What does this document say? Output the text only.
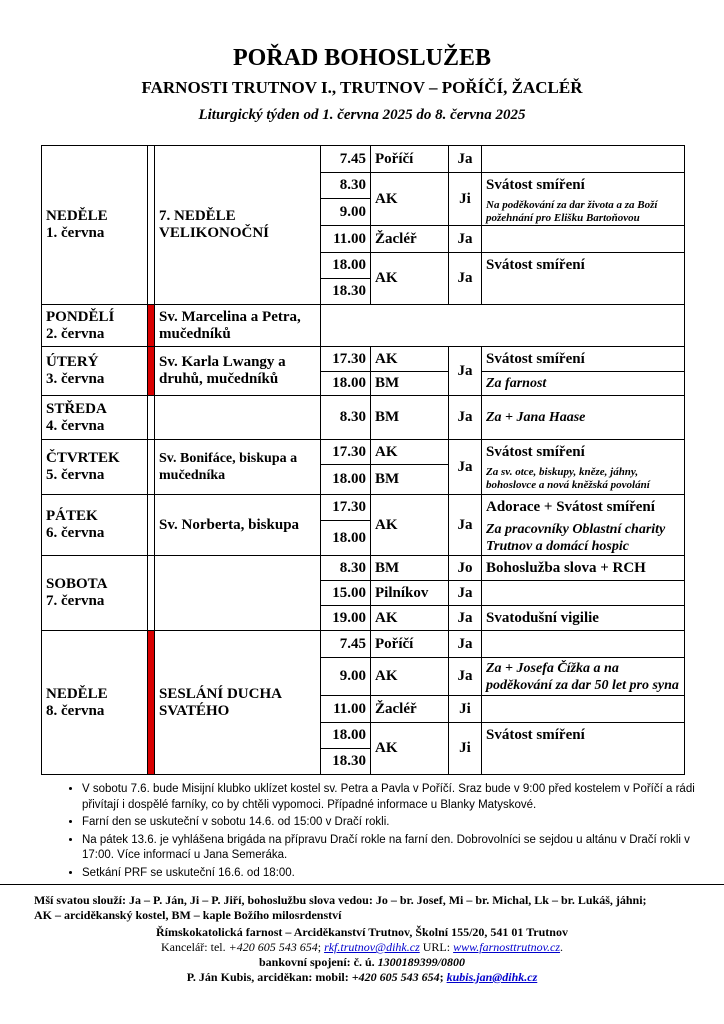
POŘAD BOHOSLUŽEB
FARNOSTI TRUTNOV I., TRUTNOV – POŘÍČÍ, ŽACLÉŘ
Liturgický týden od 1. června 2025 do 8. června 2025
NEDĚLE
1. června		7. NEDĚLE VELIKONOČNÍ	7.45	Poříčí	Ja	
			8.30	AK	Ji	Svátost smíření
			9.00			Na poděkování za dar života a za Boží požehnání pro Elišku Bartoňovou

			11.00	Žacléř	Ja	
			18.00	AK	Ja	Svátost smíření
			18.30			

PONDĚLÍ
2. června		Sv. Marcelina a Petra, mučedníků				

ÚTERÝ
3. června		Sv. Karla Lwangy a druhů, mučedníků	17.30	AK	Ja	Svátost smíření
			18.00	BM		Za farnost

STŘEDA
4. června			8.30	BM	Ja	Za + Jana Haase

ČTVRTEK
5. června		Sv. Bonifáce, biskupa a mučedníka	17.30	AK	Ja	Svátost smíření
			18.00	BM		Za sv. otce, biskupy, kněze, jáhny, bohoslovce a nová kněžská povolání

PÁTEK
6. června		Sv. Norberta, biskupa	17.30	AK	Ja	Adorace + Svátost smíření
			18.00			Za pracovníky Oblastní charity Trutnov a domácí hospic

SOBOTA
7. června			8.30	BM	Jo	Bohoslužba slova + RCH
			15.00	Pilníkov	Ja	
			19.00	AK	Ja	Svatodušní vigilie

NEDĚLE
8. června		SESLÁNÍ DUCHA SVATÉHO	7.45	Poříčí	Ja	
			9.00	AK	Ja	Za + Josefa Čížka a na poděkování za dar 50 let pro syna
			11.00	Žacléř	Ji	
			18.00	AK	Ji	Svátost smíření
			18.30			
• V sobotu 7.6. bude Misijní klubko uklízet kostel sv. Petra a Pavla v Poříčí. Sraz bude v 9:00 před kostelem v Poříčí a rádi přivítají i dospělé farníky, co by chtěli vypomoci. Případné informace u Blanky Matyskové.
• Farní den se uskuteční v sobotu 14.6. od 15:00 v Dračí rokli.
• Na pátek 13.6. je vyhlášena brigáda na přípravu Dračí rokle na farní den. Dobrovolníci se sejdou u altánu v Dračí rokli v 17:00. Více informací u Jana Semeráka.
• Setkání PRF se uskuteční 16.6. od 18:00.
Mší svatou slouží: Ja – P. Ján, Ji – P. Jiří, bohoslužbu slova vedou: Jo – br. Josef, Mi – br. Michal, Lk – br. Lukáš, jáhni;
AK – arciděkanský kostel, BM – kaple Božího milosrdenství
Římskokatolická farnost – Arciděkanství Trutnov, Školní 155/20, 541 01 Trutnov
Kancelář: tel. +420 605 543 654; rkf.trutnov@dihk.cz URL: www.farnosttrutnov.cz.
bankovní spojení: č. ú. 1300189399/0800
P. Ján Kubis, arciděkan: mobil: +420 605 543 654; kubis.jan@dihk.cz
